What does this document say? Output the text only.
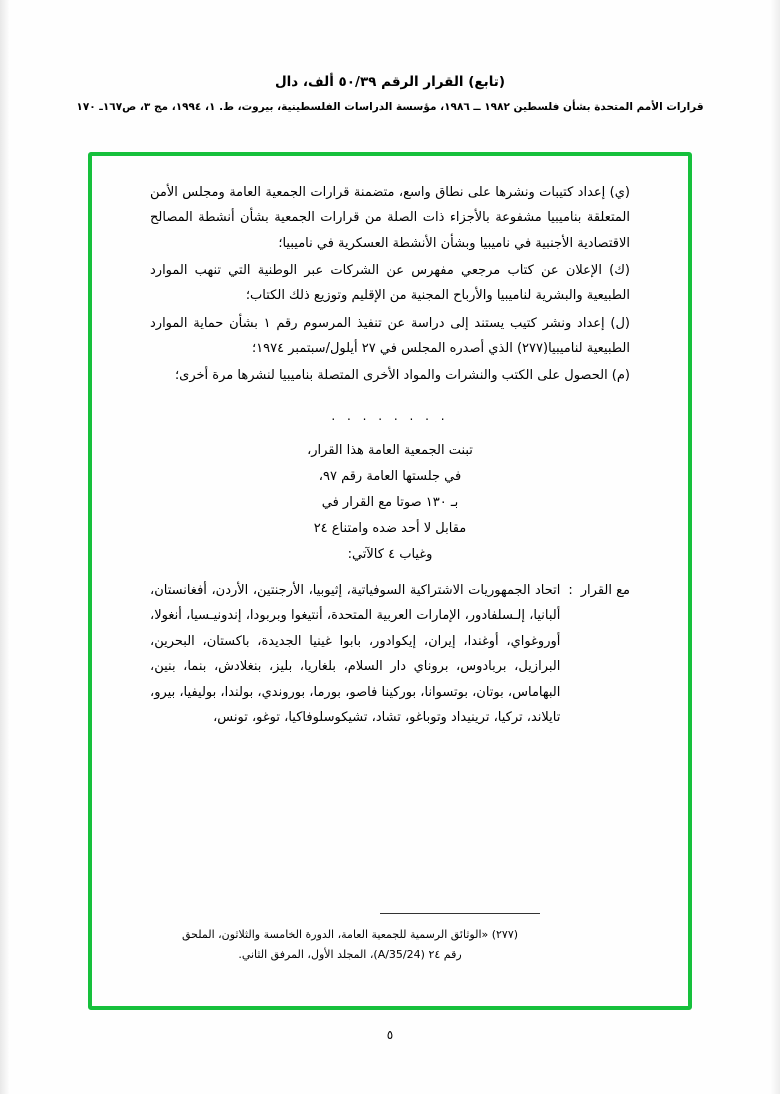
(تابع) القرار الرقم ٥٠/٣٩ ألف، دال
قرارات الأمم المتحدة بشأن فلسطين ١٩٨٢ ــ ١٩٨٦، مؤسسة الدراسات الفلسطينية، بيروت، ط. ١، ١٩٩٤، مج ٣، ص١٦٧ـ ١٧٠

(ي) إعداد كتيبات ونشرها على نطاق واسع، متضمنة قرارات الجمعية العامة ومجلس الأمن المتعلقة بناميبيا مشفوعة بالأجزاء ذات الصلة من قرارات الجمعية بشأن أنشطة المصالح الاقتصادية الأجنبية في ناميبيا وبشأن الأنشطة العسكرية في ناميبيا؛

(ك) الإعلان عن كتاب مرجعي مفهرس عن الشركات عبر الوطنية التي تنهب الموارد الطبيعية والبشرية لناميبيا والأرباح المجنية من الإقليم وتوزيع ذلك الكتاب؛

(ل) إعداد ونشر كتيب يستند إلى دراسة عن تنفيذ المرسوم رقم ١ بشأن حماية الموارد الطبيعية لناميبيا(٢٧٧) الذي أصدره المجلس في ٢٧ أيلول/سبتمبر ١٩٧٤؛

(م) الحصول على الكتب والنشرات والمواد الأخرى المتصلة بناميبيا لنشرها مرة أخرى؛

. . . . . . . .
تبنت الجمعية العامة هذا القرار،
في جلستها العامة رقم ٩٧،
بـ ١٣٠ صوتا مع القرار في
مقابل لا أحد ضده وامتناع ٢٤
وغياب ٤ كالآتي:
مع القرار
:
اتحاد الجمهوريات الاشتراكية السوفياتية، إثيوبيا، الأرجنتين، الأردن، أفغانستان، ألبانيا، إلـسلفادور، الإمارات العربية المتحدة، أنتيغوا وبربودا، إندونيـسيا، أنغولا، أوروغواي، أوغندا، إيران، إيكوادور، بابوا غينيا الجديدة، باكستان، البحرين، البرازيل، بربادوس، بروناي دار السلام، بلغاريا، بليز، بنغلادش، بنما، بنين، البهاماس، بوتان، بوتسوانا، بوركينا فاصو، بورما، بوروندي، بولندا، بوليفيا، بيرو، تايلاند، تركيا، ترينيداد وتوباغو، تشاد، تشيكوسلوفاكيا، توغو، تونس،
(٢٧٧) «الوثائق الرسمية للجمعية العامة، الدورة الخامسة والثلاثون، الملحق
رقم ٢٤ (A/35/24)، المجلد الأول، المرفق الثاني.
٥
